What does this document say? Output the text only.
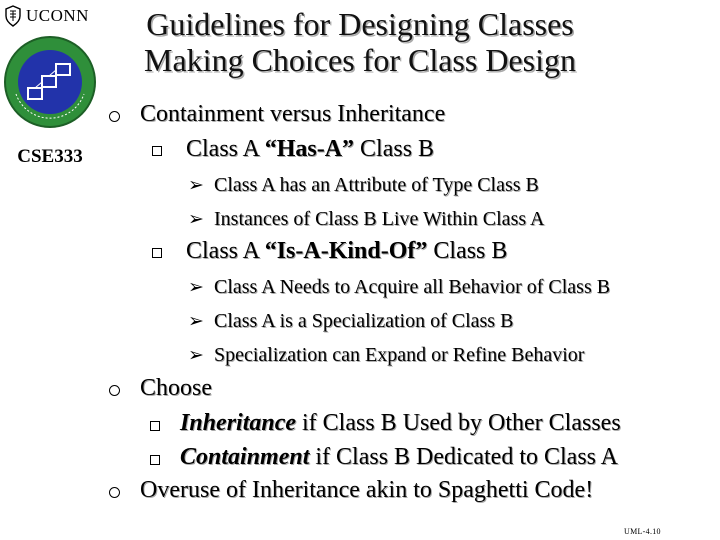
UCONN
CSE333
Guidelines for Designing Classes
Making Choices for Class Design
Containment versus Inheritance
Class A “Has-A” Class B
➢ Class A has an Attribute of Type Class B
➢ Instances of Class B Live Within Class A
Class A “Is-A-Kind-Of” Class B
➢ Class A Needs to Acquire all Behavior of Class B
➢ Class A is a Specialization of Class B
➢ Specialization can Expand or Refine Behavior
Choose
Inheritance if Class B Used by Other Classes
Containment if Class B Dedicated to Class A
Overuse of Inheritance akin to Spaghetti Code!
UML-4.10
